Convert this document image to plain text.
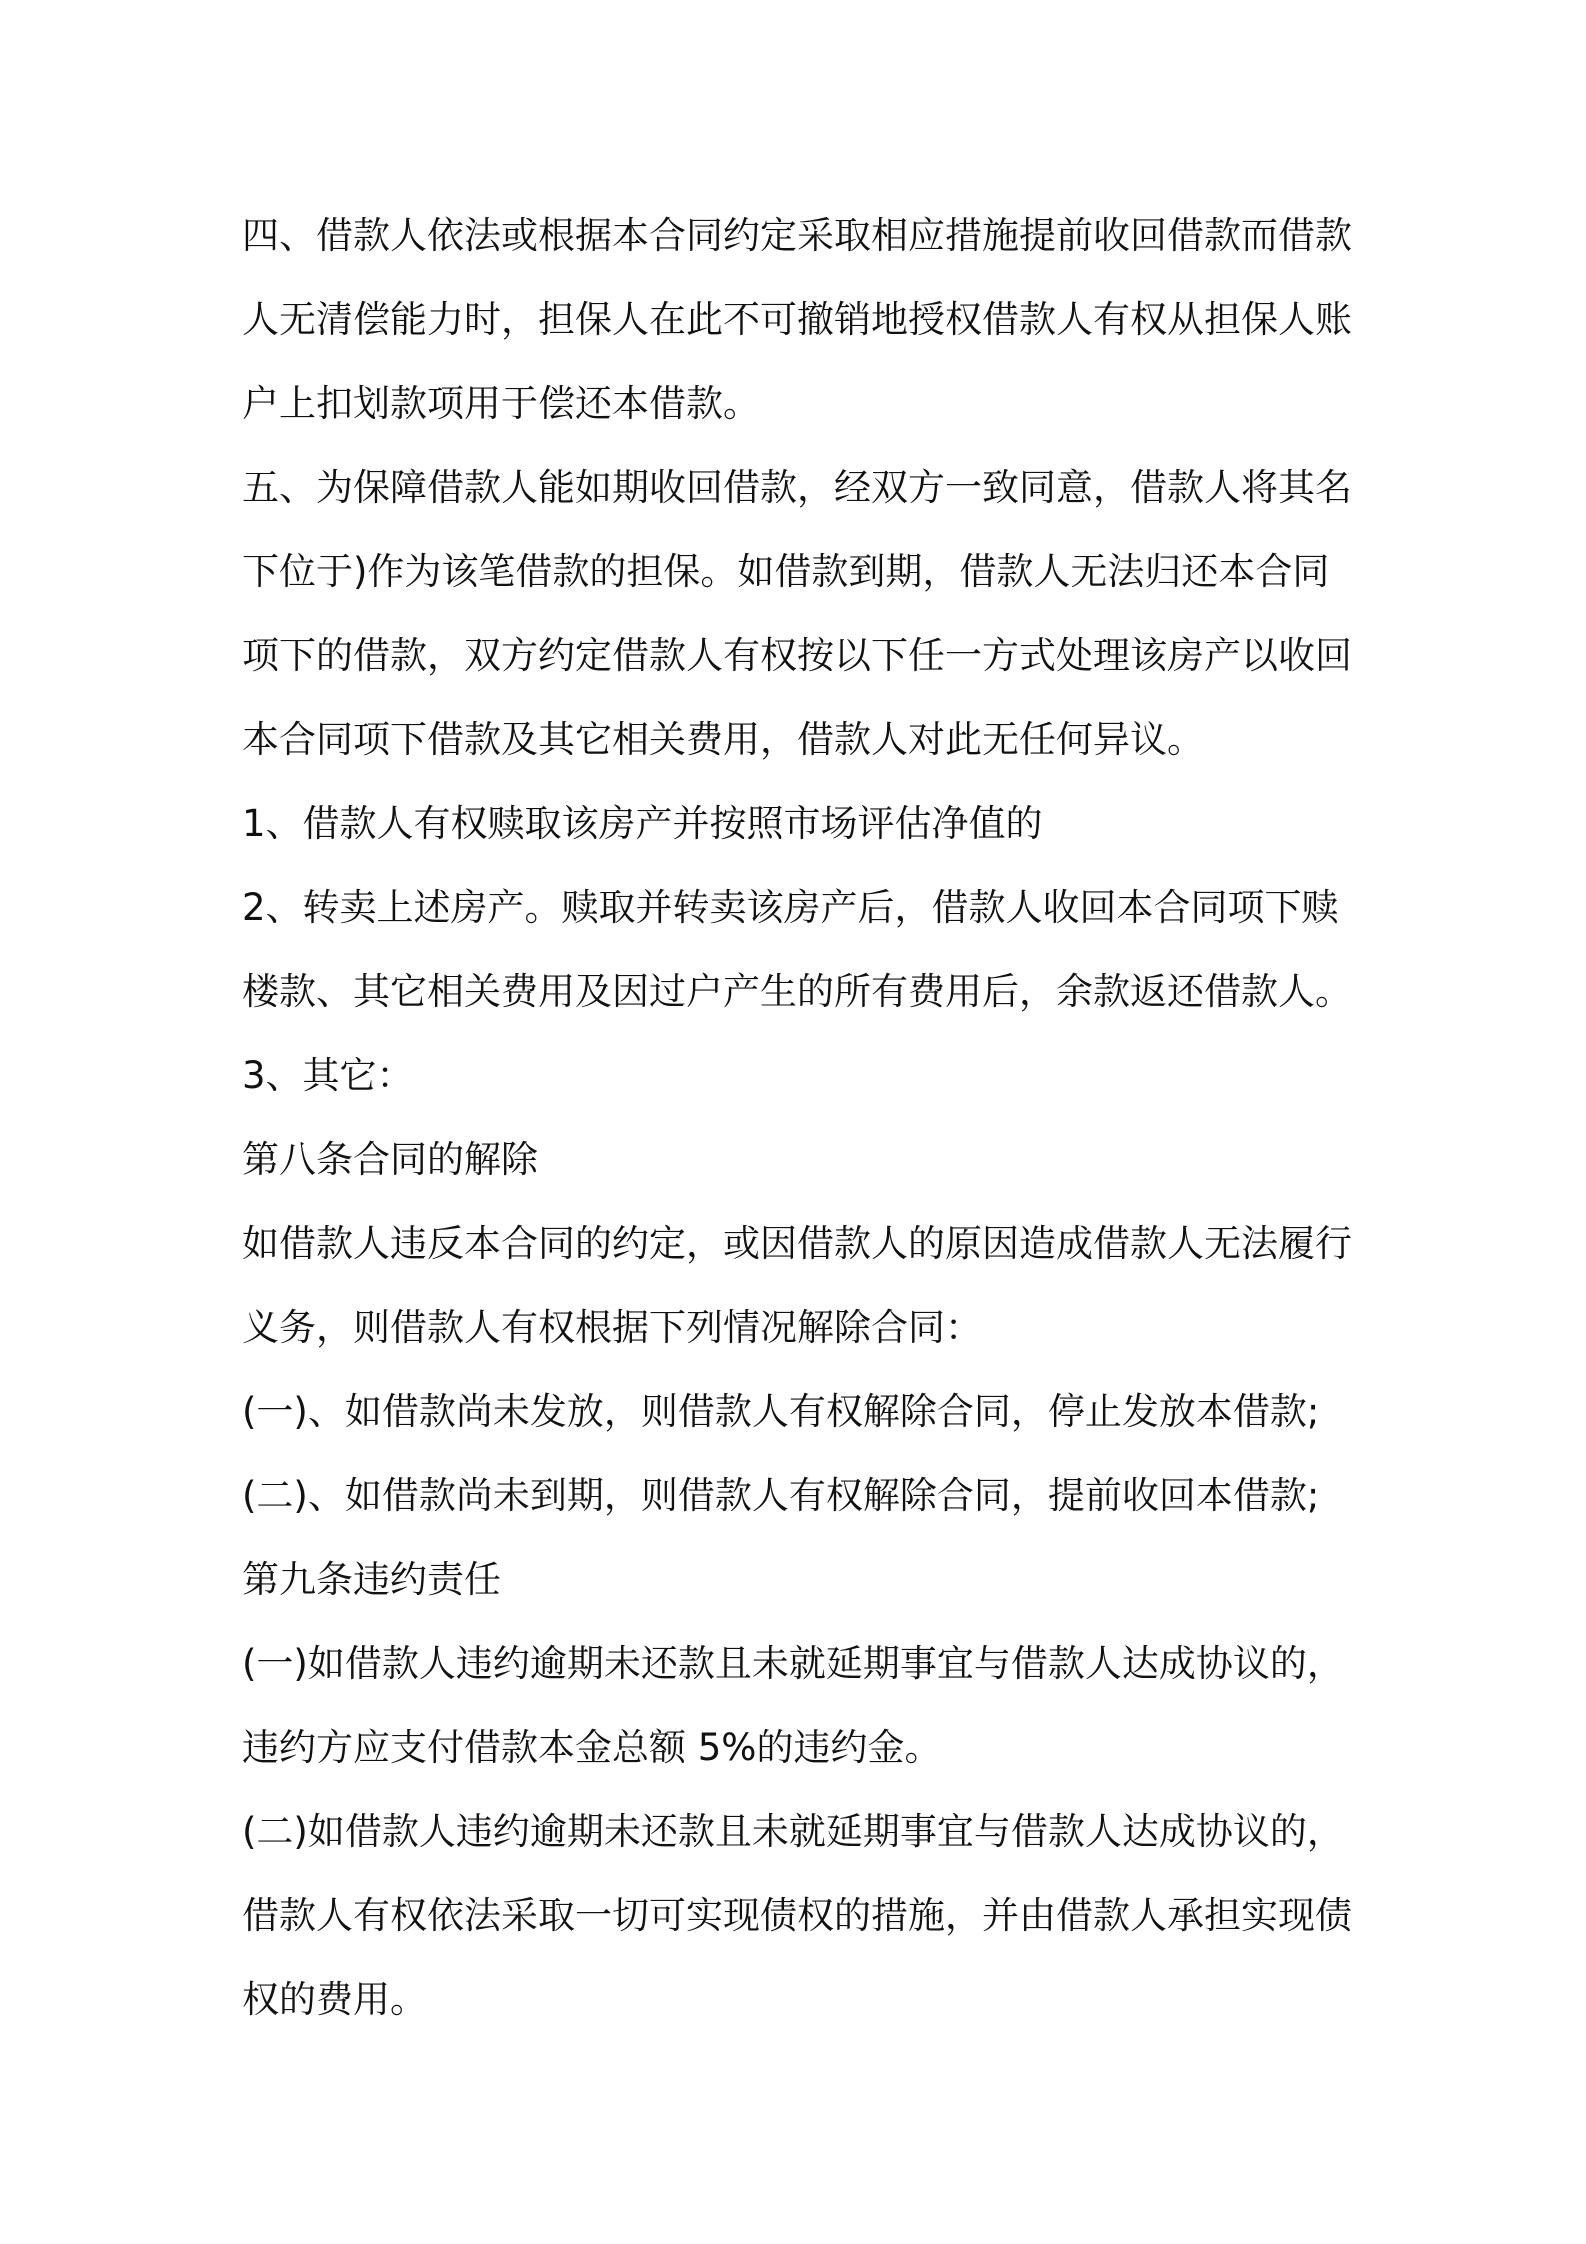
四、借款人依法或根据本合同约定采取相应措施提前收回借款而借款人无清偿能力时，担保人在此不可撤销地授权借款人有权从担保人账户上扣划款项用于偿还本借款。

五、为保障借款人能如期收回借款，经双方一致同意，借款人将其名下位于)作为该笔借款的担保。如借款到期，借款人无法归还本合同项下的借款，双方约定借款人有权按以下任一方式处理该房产以收回本合同项下借款及其它相关费用，借款人对此无任何异议。

1、借款人有权赎取该房产并按照市场评估净值的

2、转卖上述房产。赎取并转卖该房产后，借款人收回本合同项下赎楼款、其它相关费用及因过户产生的所有费用后，余款返还借款人。

3、其它：

第八条合同的解除

如借款人违反本合同的约定，或因借款人的原因造成借款人无法履行义务，则借款人有权根据下列情况解除合同：

(一)、如借款尚未发放，则借款人有权解除合同，停止发放本借款;

(二)、如借款尚未到期，则借款人有权解除合同，提前收回本借款;

第九条违约责任

(一)如借款人违约逾期未还款且未就延期事宜与借款人达成协议的，违约方应支付借款本金总额 5%的违约金。

(二)如借款人违约逾期未还款且未就延期事宜与借款人达成协议的，借款人有权依法采取一切可实现债权的措施，并由借款人承担实现债权的费用。
